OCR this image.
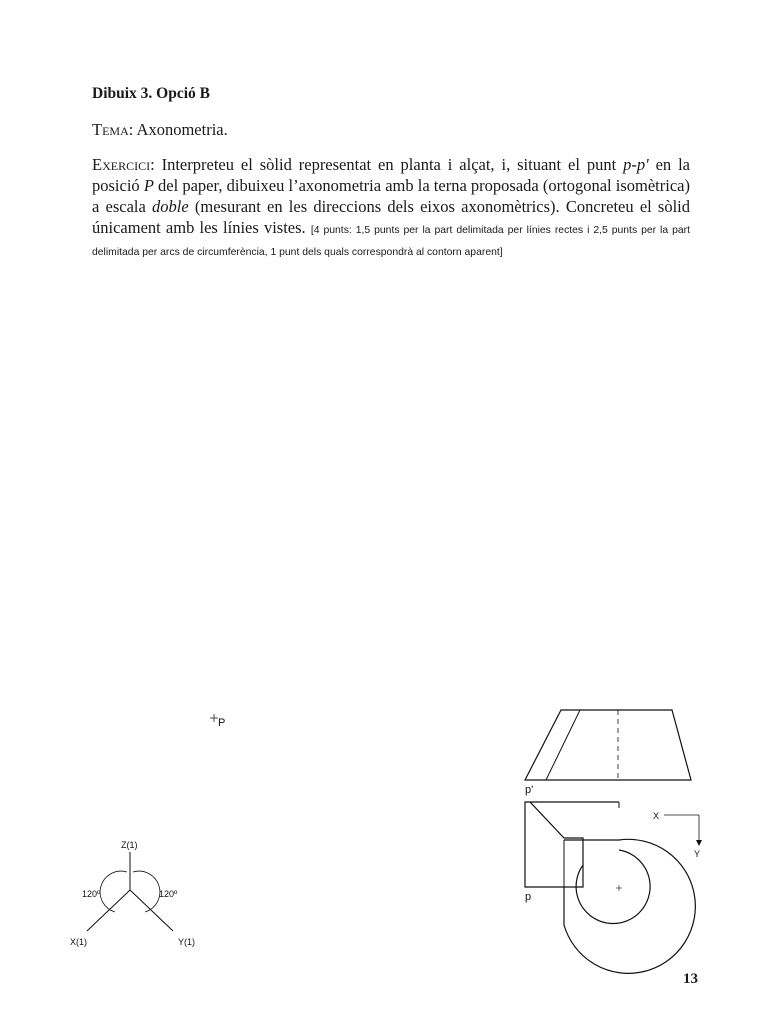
Dibuix 3. Opció B
Tema: Axonometria.
Exercici: Interpreteu el sòlid representat en planta i alçat, i, situant el punt p-p' en la posició P del paper, dibuixeu l’axonometria amb la terna proposada (ortogonal isomètrica) a escala doble (mesurant en les direccions dels eixos axonomètrics). Concreteu el sòlid únicament amb les línies vistes. [4 punts: 1,5 punts per la part delimitada per línies rectes i 2,5 punts per la part delimitada per arcs de circumferència, 1 punt dels quals correspondrà al contorn aparent]
P
Z(1)
X(1)	Y(1)
120º	120º
p'
p
X
Y
13
